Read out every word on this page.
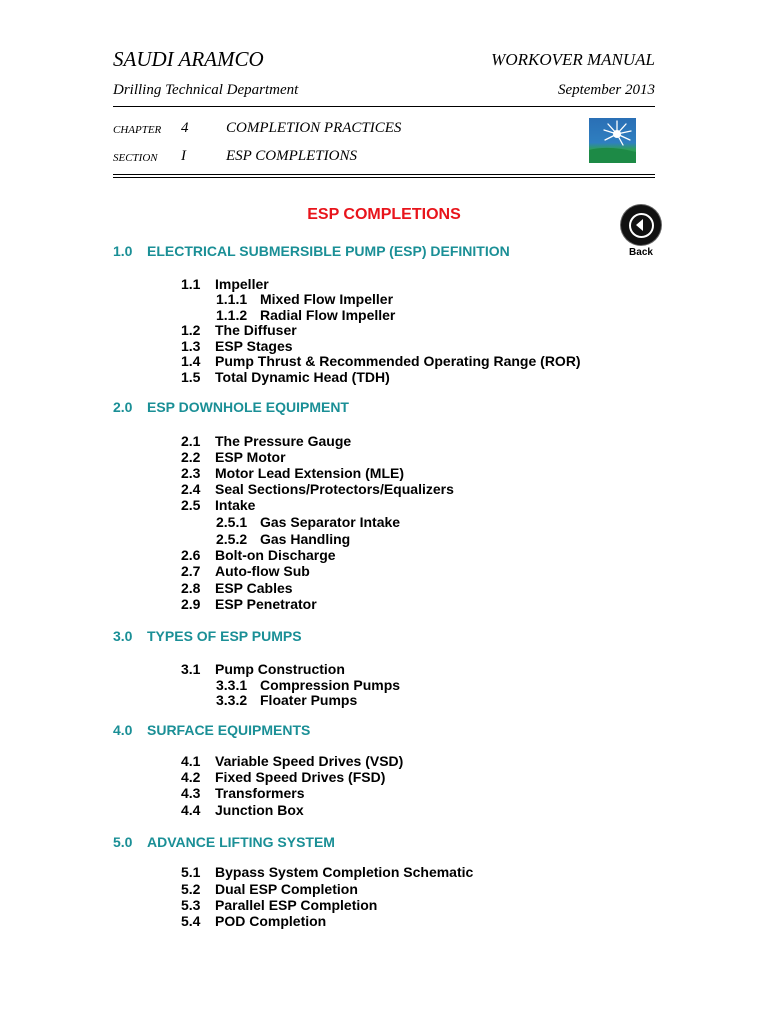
SAUDI ARAMCO	WORKOVER MANUAL
Drilling Technical Department	September 2013
CHAPTER 4	COMPLETION PRACTICES
SECTION I	ESP COMPLETIONS
ESP COMPLETIONS
Back
1.0 ELECTRICAL SUBMERSIBLE PUMP (ESP) DEFINITION
1.1 Impeller
1.1.1 Mixed Flow Impeller
1.1.2 Radial Flow Impeller
1.2 The Diffuser
1.3 ESP Stages
1.4 Pump Thrust & Recommended Operating Range (ROR)
1.5 Total Dynamic Head (TDH)
2.0 ESP DOWNHOLE EQUIPMENT
2.1 The Pressure Gauge
2.2 ESP Motor
2.3 Motor Lead Extension (MLE)
2.4 Seal Sections/Protectors/Equalizers
2.5 Intake
2.5.1 Gas Separator Intake
2.5.2 Gas Handling
2.6 Bolt-on Discharge
2.7 Auto-flow Sub
2.8 ESP Cables
2.9 ESP Penetrator
3.0 TYPES OF ESP PUMPS
3.1 Pump Construction
3.3.1 Compression Pumps
3.3.2 Floater Pumps
4.0 SURFACE EQUIPMENTS
4.1 Variable Speed Drives (VSD)
4.2 Fixed Speed Drives (FSD)
4.3 Transformers
4.4 Junction Box
5.0 ADVANCE LIFTING SYSTEM
5.1 Bypass System Completion Schematic
5.2 Dual ESP Completion
5.3 Parallel ESP Completion
5.4 POD Completion
